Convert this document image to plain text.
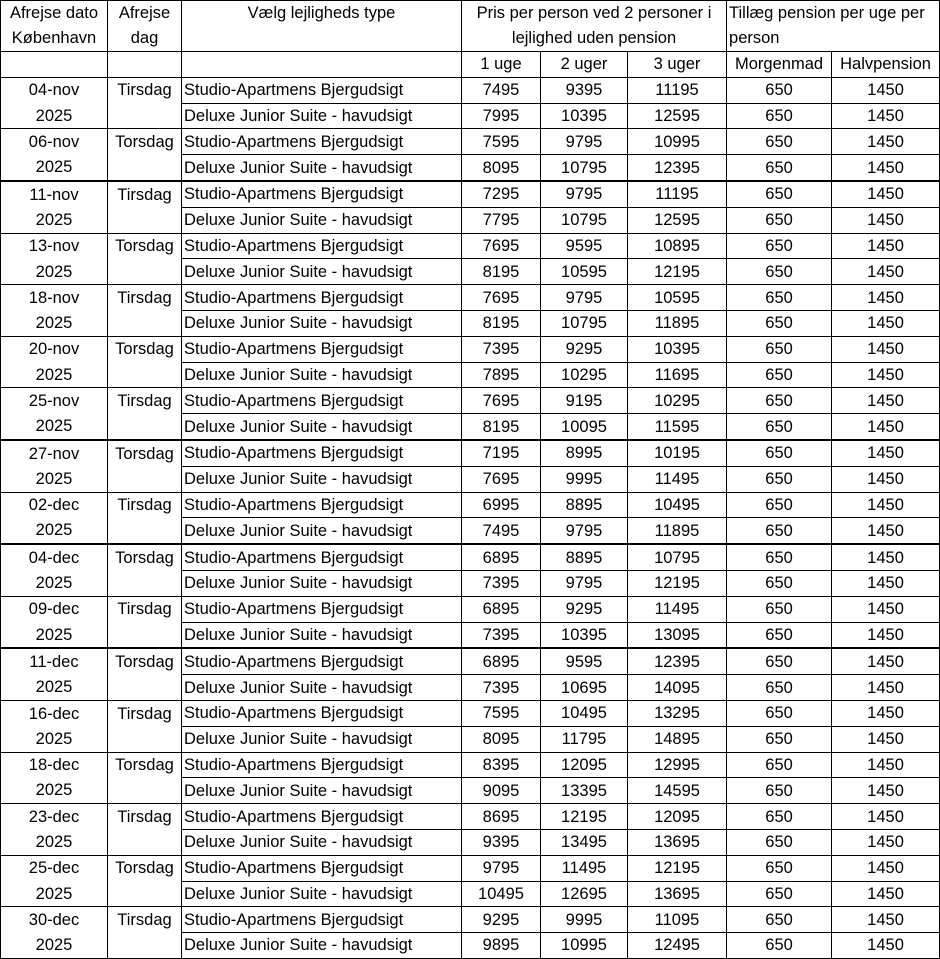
Afrejse dato København	Afrejse dag	Vælg lejligheds type	Pris per person ved 2 personer i lejlighed uden pension			Tillæg pension per uge per person	

			1 uge	2 uger	3 uger	Morgenmad	Halvpension
04-nov	Tirsdag	Studio-Apartmens Bjergudsigt	7495	9395	11195	650	1450
2025		Deluxe Junior Suite - havudsigt	7995	10395	12595	650	1450
06-nov	Torsdag	Studio-Apartmens Bjergudsigt	7595	9795	10995	650	1450
2025		Deluxe Junior Suite - havudsigt	8095	10795	12395	650	1450
11-nov	Tirsdag	Studio-Apartmens Bjergudsigt	7295	9795	11195	650	1450
2025		Deluxe Junior Suite - havudsigt	7795	10795	12595	650	1450
13-nov	Torsdag	Studio-Apartmens Bjergudsigt	7695	9595	10895	650	1450
2025		Deluxe Junior Suite - havudsigt	8195	10595	12195	650	1450
18-nov	Tirsdag	Studio-Apartmens Bjergudsigt	7695	9795	10595	650	1450
2025		Deluxe Junior Suite - havudsigt	8195	10795	11895	650	1450
20-nov	Torsdag	Studio-Apartmens Bjergudsigt	7395	9295	10395	650	1450
2025		Deluxe Junior Suite - havudsigt	7895	10295	11695	650	1450
25-nov	Tirsdag	Studio-Apartmens Bjergudsigt	7695	9195	10295	650	1450
2025		Deluxe Junior Suite - havudsigt	8195	10095	11595	650	1450
27-nov	Torsdag	Studio-Apartmens Bjergudsigt	7195	8995	10195	650	1450
2025		Deluxe Junior Suite - havudsigt	7695	9995	11495	650	1450
02-dec	Tirsdag	Studio-Apartmens Bjergudsigt	6995	8895	10495	650	1450
2025		Deluxe Junior Suite - havudsigt	7495	9795	11895	650	1450
04-dec	Torsdag	Studio-Apartmens Bjergudsigt	6895	8895	10795	650	1450
2025		Deluxe Junior Suite - havudsigt	7395	9795	12195	650	1450
09-dec	Tirsdag	Studio-Apartmens Bjergudsigt	6895	9295	11495	650	1450
2025		Deluxe Junior Suite - havudsigt	7395	10395	13095	650	1450
11-dec	Torsdag	Studio-Apartmens Bjergudsigt	6895	9595	12395	650	1450
2025		Deluxe Junior Suite - havudsigt	7395	10695	14095	650	1450
16-dec	Tirsdag	Studio-Apartmens Bjergudsigt	7595	10495	13295	650	1450
2025		Deluxe Junior Suite - havudsigt	8095	11795	14895	650	1450
18-dec	Torsdag	Studio-Apartmens Bjergudsigt	8395	12095	12995	650	1450
2025		Deluxe Junior Suite - havudsigt	9095	13395	14595	650	1450
23-dec	Tirsdag	Studio-Apartmens Bjergudsigt	8695	12195	12095	650	1450
2025		Deluxe Junior Suite - havudsigt	9395	13495	13695	650	1450
25-dec	Torsdag	Studio-Apartmens Bjergudsigt	9795	11495	12195	650	1450
2025		Deluxe Junior Suite - havudsigt	10495	12695	13695	650	1450
30-dec	Tirsdag	Studio-Apartmens Bjergudsigt	9295	9995	11095	650	1450
2025		Deluxe Junior Suite - havudsigt	9895	10995	12495	650	1450
